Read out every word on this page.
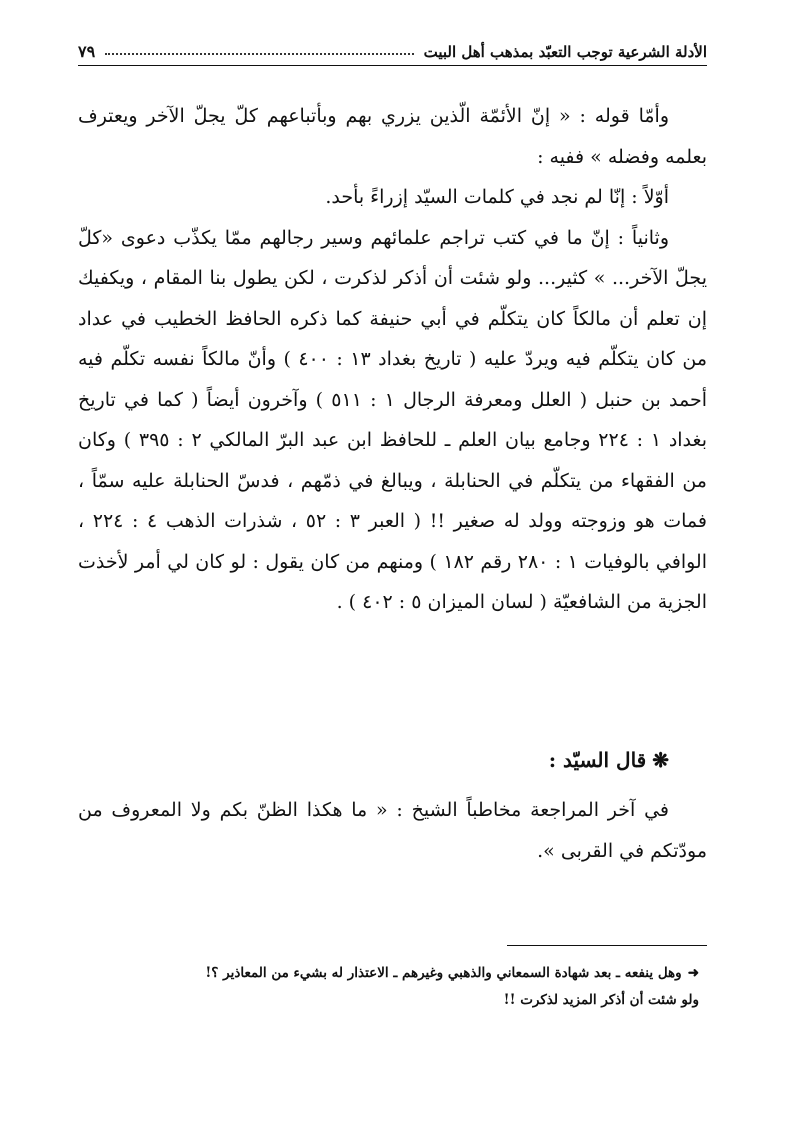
الأدلة الشرعية توجب التعبّد بمذهب أهل البيت
٧٩

وأمّا قوله : « إنّ الأئمّة الّذين يزري بهم وبأتباعهم كلّ يجلّ الآخر ويعترف بعلمه وفضله » ففيه :

أوّلاً : إنّا لم نجد في كلمات السيّد إزراءً بأحد.

وثانياً : إنّ ما في كتب تراجم علمائهم وسير رجالهم ممّا يكذّب دعوى «كلّ يجلّ الآخر... » كثير... ولو شئت أن أذكر لذكرت ، لكن يطول بنا المقام ، ويكفيك إن تعلم أن مالكاً كان يتكلّم في أبي حنيفة كما ذكره الحافظ الخطيب في عداد من كان يتكلّم فيه ويردّ عليه ( تاريخ بغداد ١٣ : ٤٠٠ ) وأنّ مالكاً نفسه تكلّم فيه أحمد بن حنبل ( العلل ومعرفة الرجال ١ : ٥١١ ) وآخرون أيضاً ( كما في تاريخ بغداد ١ : ٢٢٤ وجامع بيان العلم ـ للحافظ ابن عبد البرّ المالكي ٢ : ٣٩٥ ) وكان من الفقهاء من يتكلّم في الحنابلة ، ويبالغ في ذمّهم ، فدسّ الحنابلة عليه سمّاً ، فمات هو وزوجته وولد له صغير !! ( العبر ٣ : ٥٢ ، شذرات الذهب ٤ : ٢٢٤ ، الوافي بالوفيات ١ : ٢٨٠ رقم ١٨٢ ) ومنهم من كان يقول : لو كان لي أمر لأخذت الجزية من الشافعيّة ( لسان الميزان ٥ : ٤٠٢ ) .

❋قال السيّد :

في آخر المراجعة مخاطباً الشيخ : « ما هكذا الظنّ بكم ولا المعروف من مودّتكم في القربى ».

➜وهل ينفعه ـ بعد شهادة السمعاني والذهبي وغيرهم ـ الاعتذار له بشيء من المعاذير ؟!

ولو شئت أن أذكر المزيد لذكرت !!
